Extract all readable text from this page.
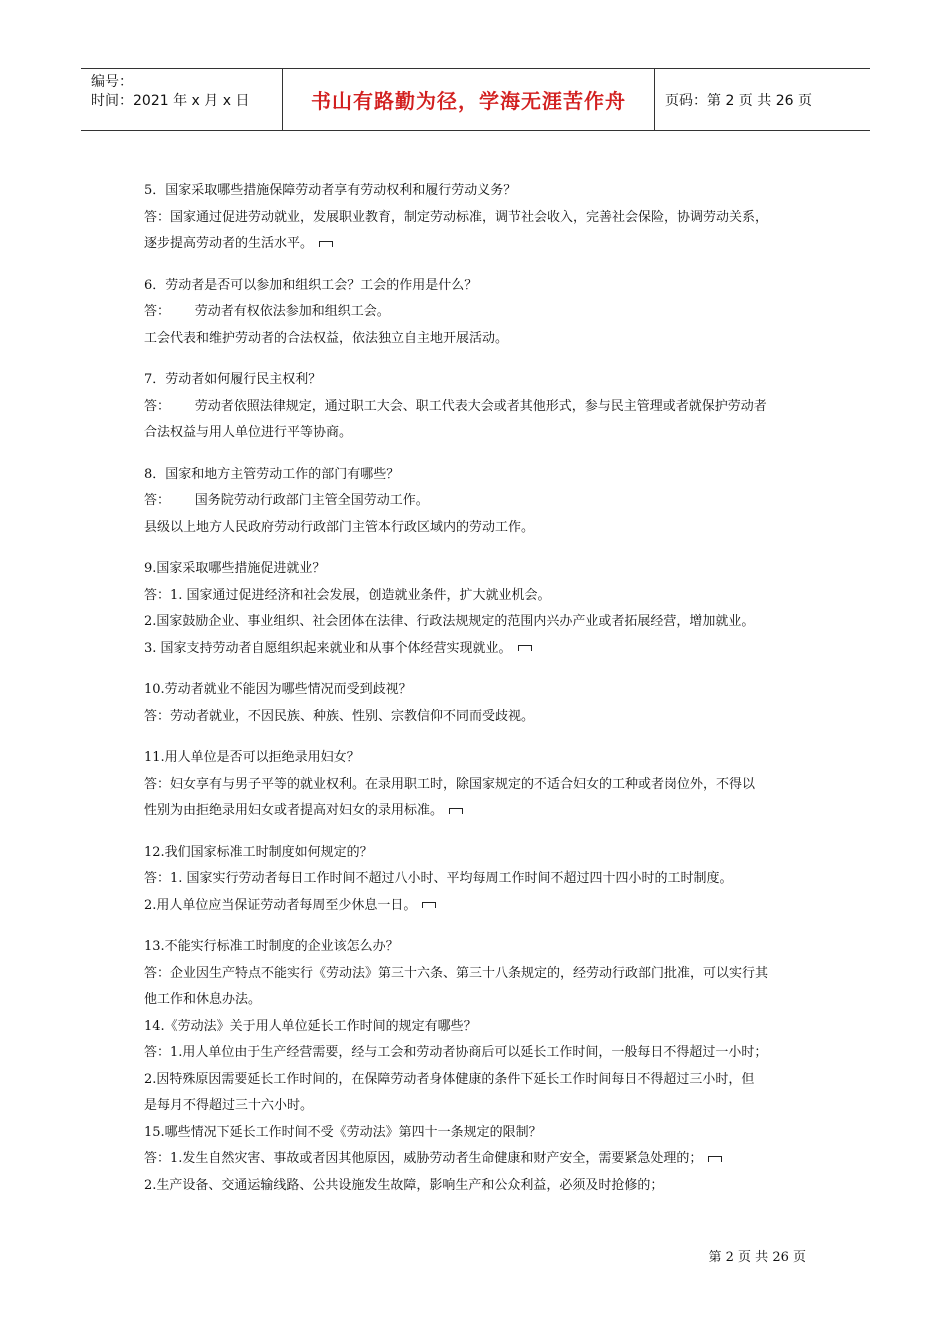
编号：
时间：2021 年 x 月 x 日	书山有路勤为径，学海无涯苦作舟	页码：第 2 页 共 26 页
5．国家采取哪些措施保障劳动者享有劳动权利和履行劳动义务？
答：国家通过促进劳动就业，发展职业教育，制定劳动标准，调节社会收入，完善社会保险，协调劳动关系，
逐步提高劳动者的生活水平。
6．劳动者是否可以参加和组织工会？工会的作用是什么？
答：      劳动者有权依法参加和组织工会。
工会代表和维护劳动者的合法权益，依法独立自主地开展活动。
7．劳动者如何履行民主权利？
答：      劳动者依照法律规定，通过职工大会、职工代表大会或者其他形式，参与民主管理或者就保护劳动者
合法权益与用人单位进行平等协商。
8．国家和地方主管劳动工作的部门有哪些？
答：      国务院劳动行政部门主管全国劳动工作。
县级以上地方人民政府劳动行政部门主管本行政区域内的劳动工作。
9.国家采取哪些措施促进就业？
答：1. 国家通过促进经济和社会发展，创造就业条件，扩大就业机会。
2.国家鼓励企业、事业组织、社会团体在法律、行政法规规定的范围内兴办产业或者拓展经营，增加就业。
3. 国家支持劳动者自愿组织起来就业和从事个体经营实现就业。
10.劳动者就业不能因为哪些情况而受到歧视？
答：劳动者就业，不因民族、种族、性别、宗教信仰不同而受歧视。
11.用人单位是否可以拒绝录用妇女？
答：妇女享有与男子平等的就业权利。在录用职工时，除国家规定的不适合妇女的工种或者岗位外，不得以
性别为由拒绝录用妇女或者提高对妇女的录用标准。
12.我们国家标准工时制度如何规定的？
答：1. 国家实行劳动者每日工作时间不超过八小时、平均每周工作时间不超过四十四小时的工时制度。
2.用人单位应当保证劳动者每周至少休息一日。
13.不能实行标准工时制度的企业该怎么办？
答：企业因生产特点不能实行《劳动法》第三十六条、第三十八条规定的，经劳动行政部门批准，可以实行其
他工作和休息办法。
14.《劳动法》关于用人单位延长工作时间的规定有哪些？
答：1.用人单位由于生产经营需要，经与工会和劳动者协商后可以延长工作时间，一般每日不得超过一小时；
2.因特殊原因需要延长工作时间的，在保障劳动者身体健康的条件下延长工作时间每日不得超过三小时，但
是每月不得超过三十六小时。
15.哪些情况下延长工作时间不受《劳动法》第四十一条规定的限制？
答：1.发生自然灾害、事故或者因其他原因，威胁劳动者生命健康和财产安全，需要紧急处理的；
2.生产设备、交通运输线路、公共设施发生故障，影响生产和公众利益，必须及时抢修的；
第 2 页 共 26 页
